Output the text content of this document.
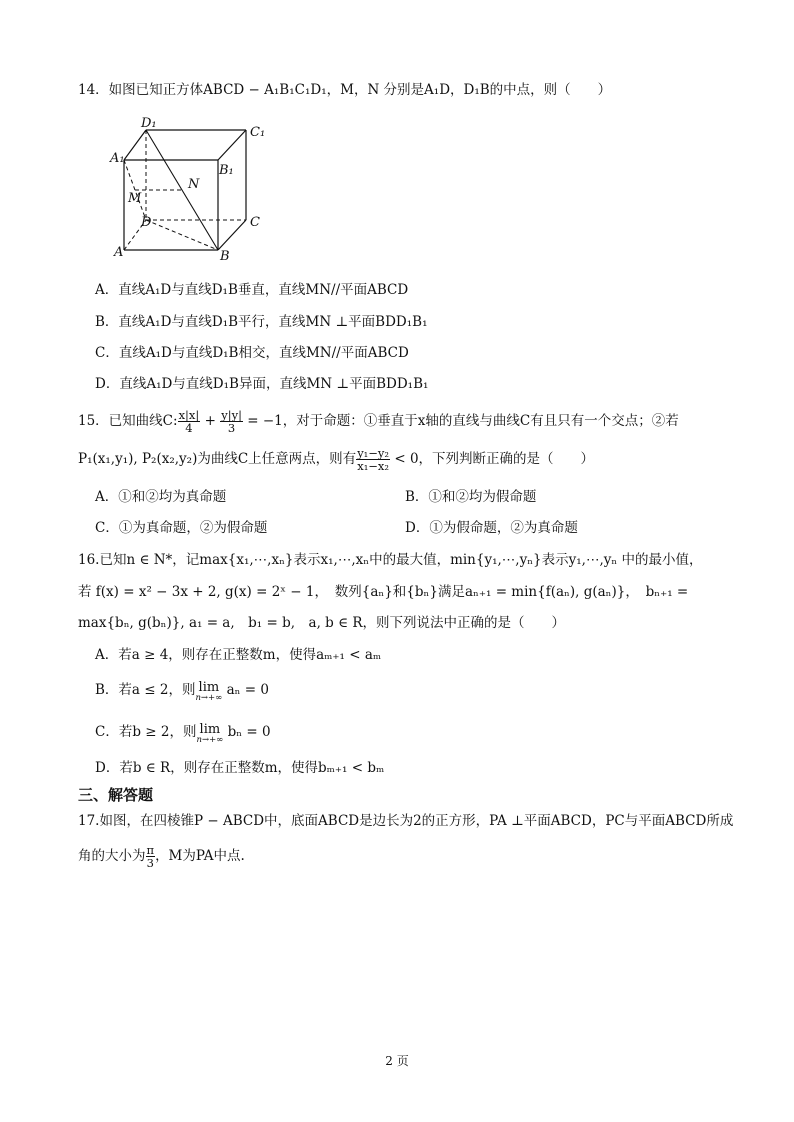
14．如图已知正方体ABCD − A₁B₁C₁D₁，M，N 分别是A₁D，D₁B的中点，则（　　）
D₁
C₁
A₁
B₁
N
M
D	C
A	B
A．直线A₁D与直线D₁B垂直，直线MN//平面ABCD
B．直线A₁D与直线D₁B平行，直线MN ⊥平面BDD₁B₁
C．直线A₁D与直线D₁B相交，直线MN//平面ABCD
D．直线A₁D与直线D₁B异面，直线MN ⊥平面BDD₁B₁
15．已知曲线C: $\frac{x|x|}{4} + \frac{y|y|}{3} = -1$，对于命题：①垂直于x轴的直线与曲线C有且只有一个交点；②若
P₁(x₁,y₁), P₂(x₂,y₂)为曲线C上任意两点，则有 $\frac{\text{y₁−y₂}}{\text{x₁−x₂}} < 0$，下列判断正确的是（　　）
A．①和②均为真命题	B．①和②均为假命题
C．①为真命题，②为假命题	D．①为假命题，②为真命题
16.已知n ∈ N*，记max{x₁,⋯,xₙ}表示x₁,⋯,xₙ中的最大值，min{y₁,⋯,yₙ}表示y₁,⋯,yₙ 中的最小值，
若 f(x) = x² − 3x + 2, g(x) = 2ˣ − 1，　数列{aₙ}和{bₙ}满足aₙ₊₁ = min{f(aₙ), g(aₙ)}，　bₙ₊₁ =
max{bₙ, g(bₙ)}, a₁ = a,　b₁ = b,　a, b ∈ R，则下列说法中正确的是（　　）
A．若a ≥ 4，则存在正整数m，使得aₘ₊₁ < aₘ
B．若a ≤ 2，则 lim
n→+∞ aₙ = 0
C．若b ≥ 2，则 lim
n→+∞ bₙ = 0
D．若b ∈ R，则存在正整数m，使得bₘ₊₁ < bₘ
三、解答题
17.如图，在四棱锥P − ABCD中，底面ABCD是边长为2的正方形，PA ⊥平面ABCD，PC与平面ABCD所成
角的大小为 $\frac{\pi}{3}$ ，M为PA中点.
2 页
